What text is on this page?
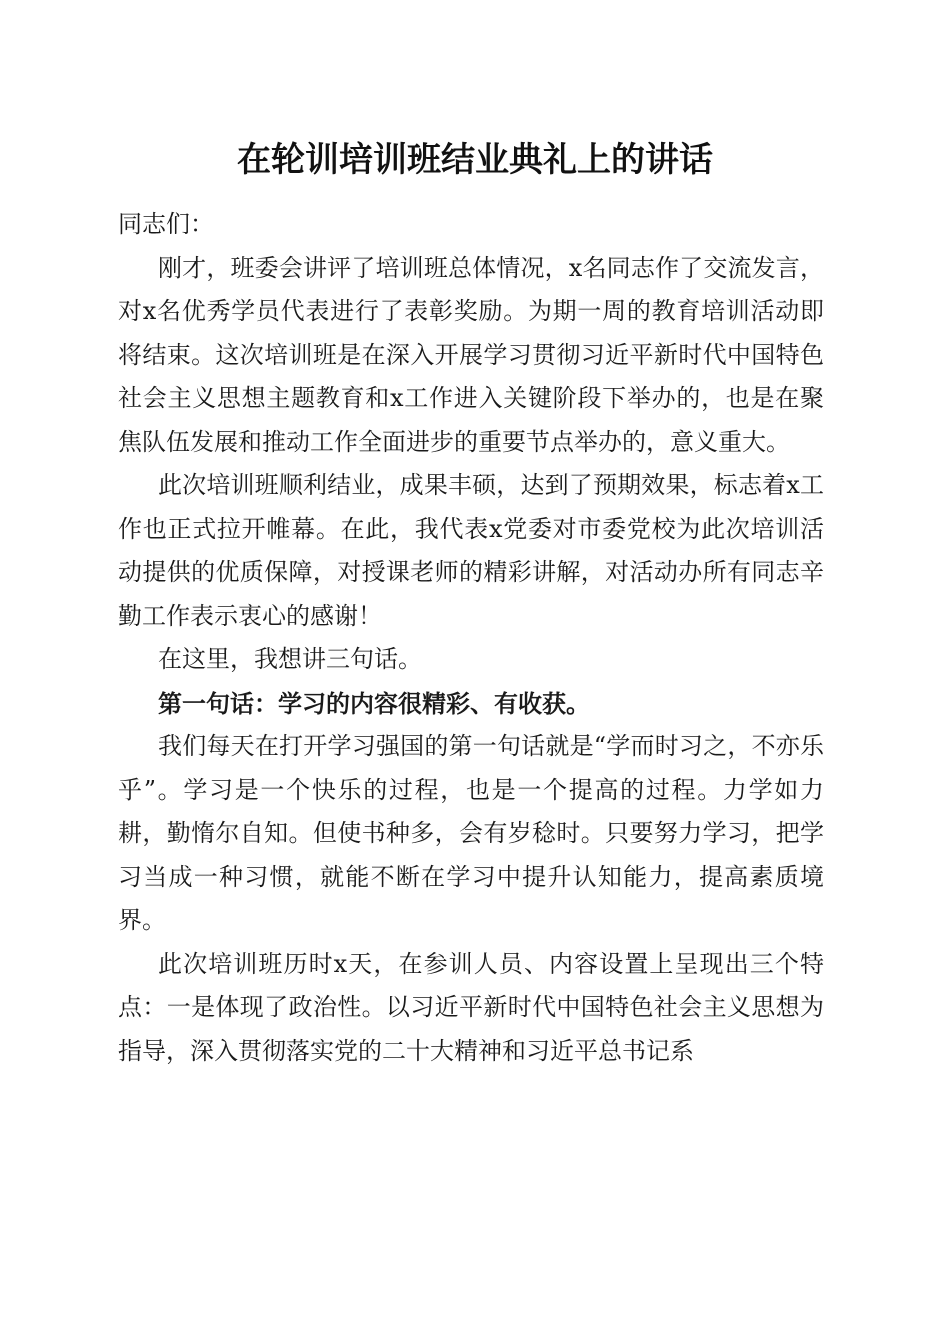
在轮训培训班结业典礼上的讲话

同志们：

刚才，班委会讲评了培训班总体情况，x名同志作了交流发言，对x名优秀学员代表进行了表彰奖励。为期一周的教育培训活动即将结束。这次培训班是在深入开展学习贯彻习近平新时代中国特色社会主义思想主题教育和x工作进入关键阶段下举办的，也是在聚焦队伍发展和推动工作全面进步的重要节点举办的，意义重大。

此次培训班顺利结业，成果丰硕，达到了预期效果，标志着x工作也正式拉开帷幕。在此，我代表x党委对市委党校为此次培训活动提供的优质保障，对授课老师的精彩讲解，对活动办所有同志辛勤工作表示衷心的感谢！

在这里，我想讲三句话。

第一句话：学习的内容很精彩、有收获。

我们每天在打开学习强国的第一句话就是“学而时习之，不亦乐乎”。学习是一个快乐的过程，也是一个提高的过程。力学如力耕，勤惰尔自知。但使书种多，会有岁稔时。只要努力学习，把学习当成一种习惯，就能不断在学习中提升认知能力，提高素质境界。

此次培训班历时x天，在参训人员、内容设置上呈现出三个特点：一是体现了政治性。以习近平新时代中国特色社会主义思想为指导，深入贯彻落实党的二十大精神和习近平总书记系
